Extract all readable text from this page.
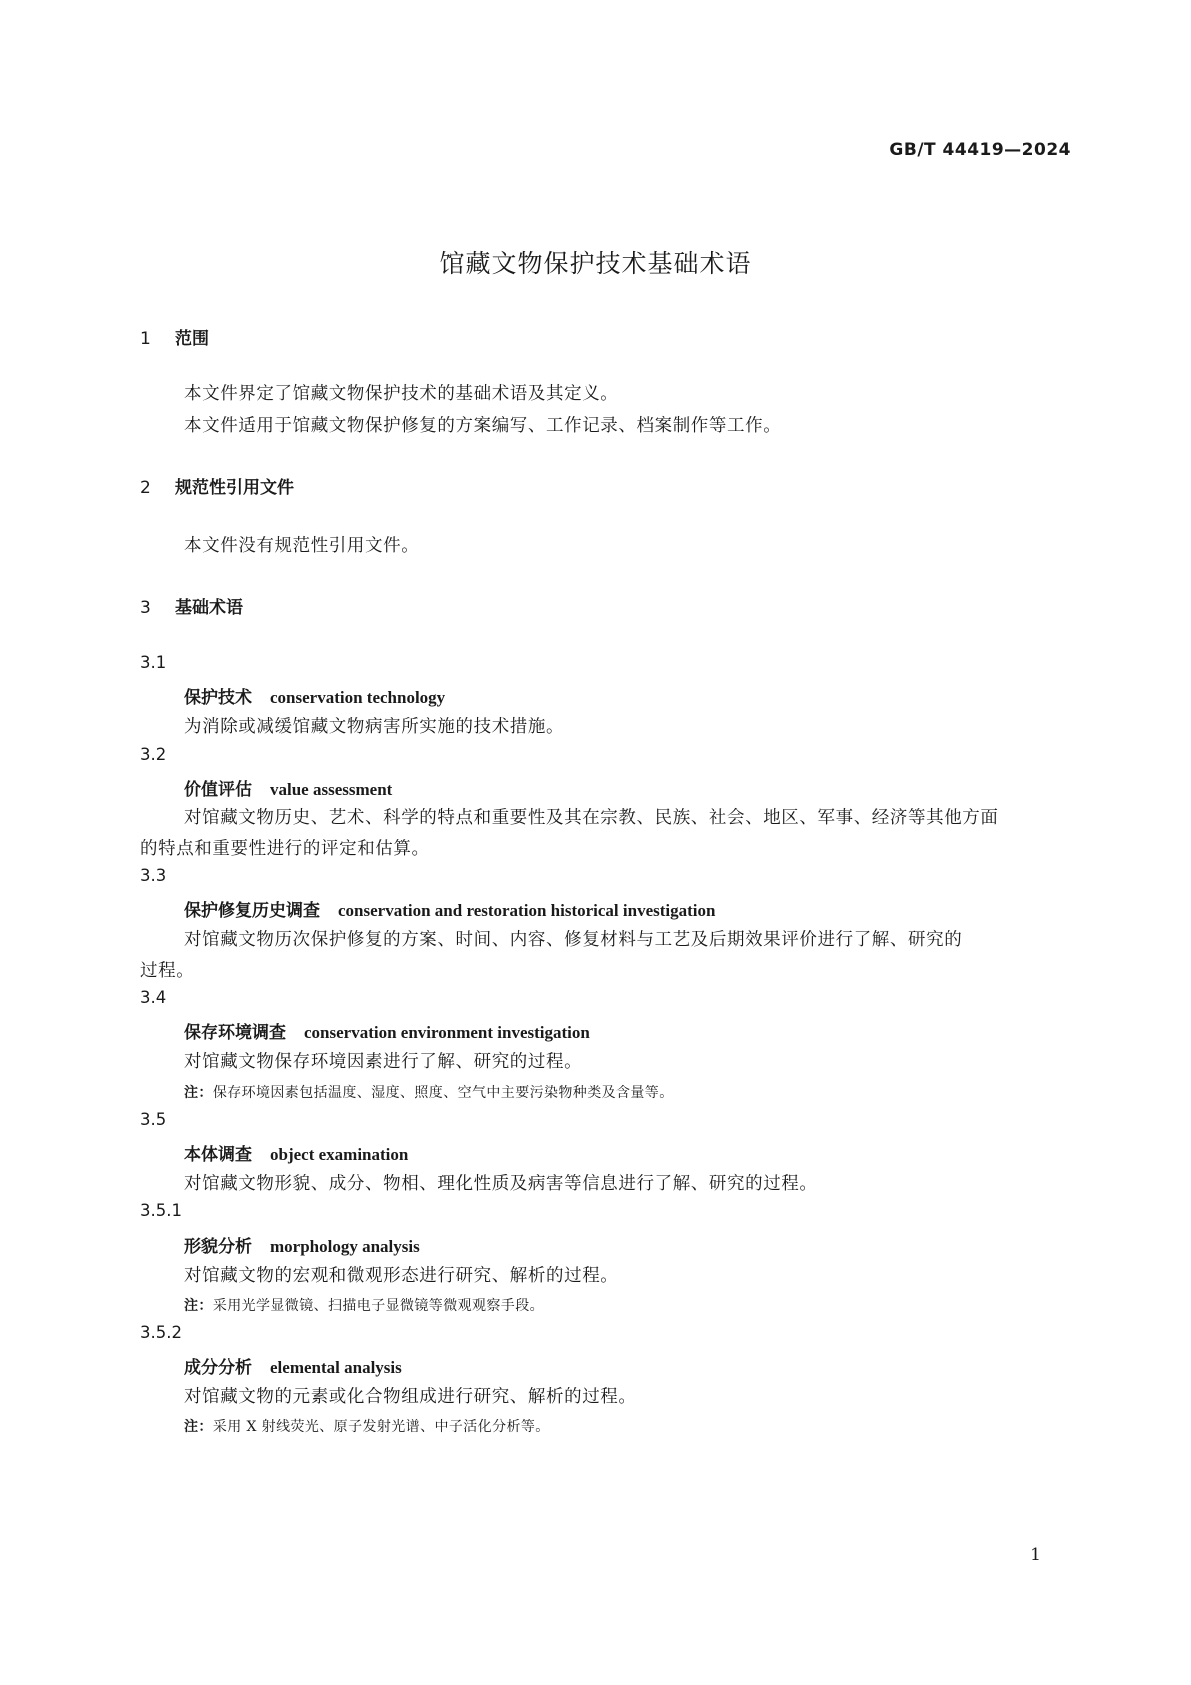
GB/T 44419—2024
馆藏文物保护技术基础术语
1 范围
本文件界定了馆藏文物保护技术的基础术语及其定义。
本文件适用于馆藏文物保护修复的方案编写、工作记录、档案制作等工作。
2 规范性引用文件
本文件没有规范性引用文件。
3 基础术语
3.1
保护技术 conservation technology
为消除或减缓馆藏文物病害所实施的技术措施。
3.2
价值评估 value assessment
对馆藏文物历史、艺术、科学的特点和重要性及其在宗教、民族、社会、地区、军事、经济等其他方面
的特点和重要性进行的评定和估算。
3.3
保护修复历史调查 conservation and restoration historical investigation
对馆藏文物历次保护修复的方案、时间、内容、修复材料与工艺及后期效果评价进行了解、研究的
过程。
3.4
保存环境调查 conservation environment investigation
对馆藏文物保存环境因素进行了解、研究的过程。
注：保存环境因素包括温度、湿度、照度、空气中主要污染物种类及含量等。
3.5
本体调查 object examination
对馆藏文物形貌、成分、物相、理化性质及病害等信息进行了解、研究的过程。
3.5.1
形貌分析 morphology analysis
对馆藏文物的宏观和微观形态进行研究、解析的过程。
注：采用光学显微镜、扫描电子显微镜等微观观察手段。
3.5.2
成分分析 elemental analysis
对馆藏文物的元素或化合物组成进行研究、解析的过程。
注：采用 X 射线荧光、原子发射光谱、中子活化分析等。
1
